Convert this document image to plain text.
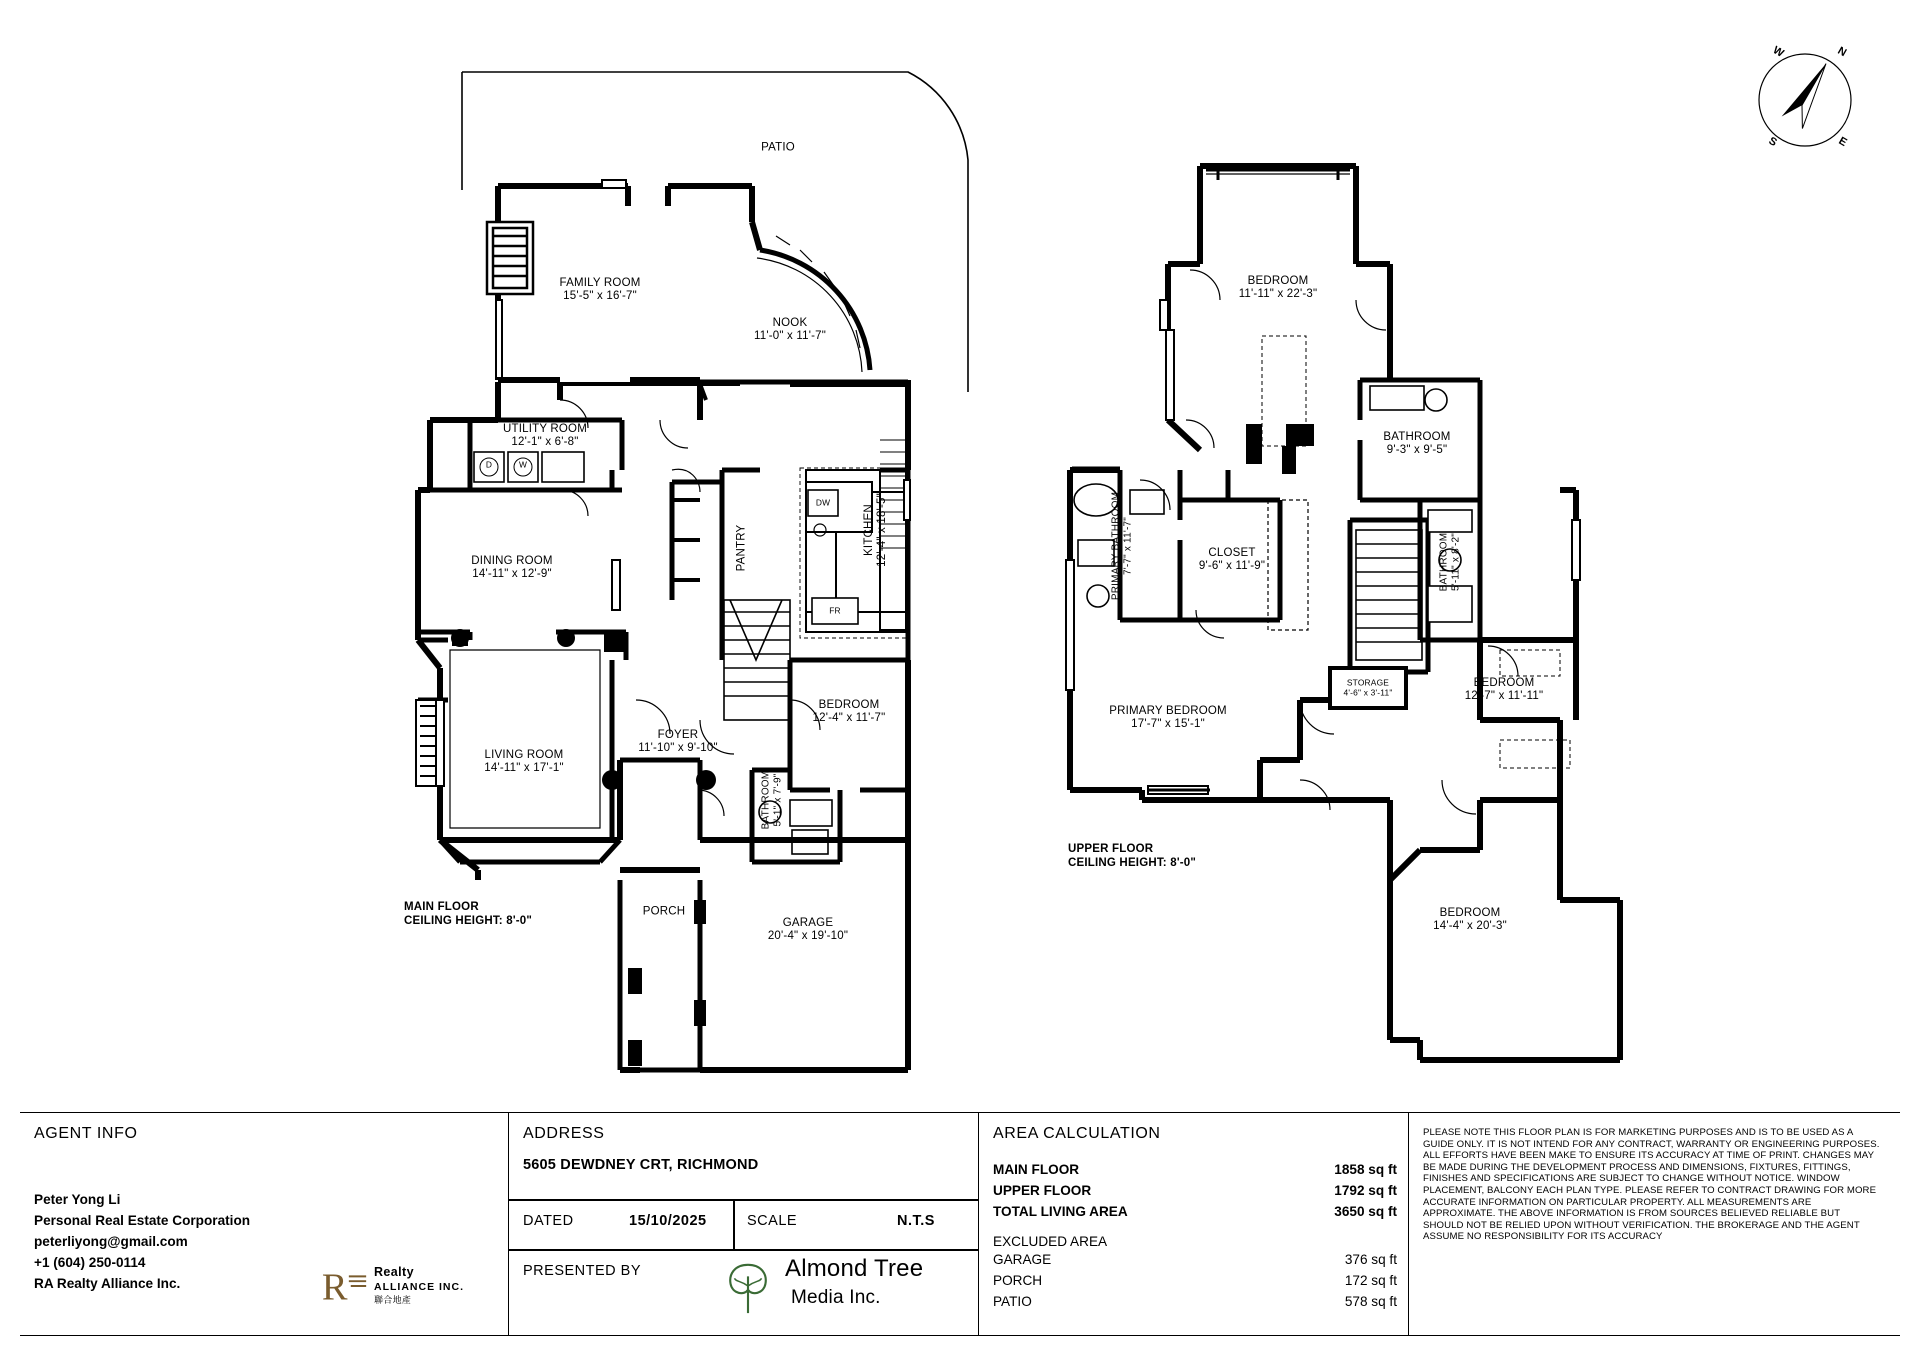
PATIO
FAMILY ROOM
15'-5" x 16'-7"
NOOK
11'-0" x 11'-7"
UTILITY ROOM
12'-1" x 6'-8"
KITCHEN 12'-4" x 18'-5"
PANTRY
DINING ROOM
14'-11" x 12'-9"
BEDROOM
12'-4" x 11'-7"
LIVING ROOM
14'-11" x 17'-1"
FOYER
11'-10" x 9'-10"
BATHROOM 5'-1" x 7'-9"
PORCH
GARAGE
20'-4" x 19'-10"
D	W
DW
FR
MAIN FLOOR
CEILING HEIGHT: 8'-0"
BEDROOM
11'-11" x 22'-3"
BATHROOM
9'-3" x 9'-5"
PRIMARY BATHROOM 7'-7" x 11'-7"	CLOSET
9'-6" x 11'-9"	BATHROOM 5'-11" x 8'-2"
BEDROOM
12'-7" x 11'-11"
PRIMARY BEDROOM
17'-7" x 15'-1"
STORAGE
4'-6" x 3'-11"
BEDROOM
14'-4" x 20'-3"
UPPER FLOOR
CEILING HEIGHT: 8'-0"
N
W
S	E
AGENT INFO
Peter Yong Li
Personal Real Estate Corporation
peterliyong@gmail.com
+1 (604) 250-0114
RA Realty Alliance Inc.	R Realty
ALLIANCE INC.
聯合地產
ADDRESS
5605 DEWDNEY CRT, RICHMOND
DATED	15/10/2025	SCALE	N.T.S
PRESENTED BY	Almond Tree
Media Inc.
AREA CALCULATION
MAIN FLOOR	1858 sq ft
UPPER FLOOR	1792 sq ft
TOTAL LIVING AREA	3650 sq ft
EXCLUDED AREA
GARAGE	376 sq ft
PORCH	172 sq ft
PATIO	578 sq ft
PLEASE NOTE THIS FLOOR PLAN IS FOR MARKETING PURPOSES AND IS TO BE USED AS A GUIDE ONLY. IT IS NOT INTEND FOR ANY CONTRACT, WARRANTY OR ENGINEERING PURPOSES. ALL EFFORTS HAVE BEEN MAKE TO ENSURE ITS ACCURACY AT TIME OF PRINT. CHANGES MAY BE MADE DURING THE DEVELOPMENT PROCESS AND DIMENSIONS, FIXTURES, FITTINGS, FINISHES AND SPECIFICATIONS ARE SUBJECT TO CHANGE WITHOUT NOTICE. WINDOW PLACEMENT, BALCONY EACH PLAN TYPE. PLEASE REFER TO CONTRACT DRAWING FOR MORE ACCURATE INFORMATION ON PARTICULAR PROPERTY. ALL MEASUREMENTS ARE APPROXIMATE. THE ABOVE INFORMATION IS FROM SOURCES BELIEVED RELIABLE BUT SHOULD NOT BE RELIED UPON WITHOUT VERIFICATION. THE BROKERAGE AND THE AGENT ASSUME NO RESPONSIBILITY FOR ITS ACCURACY
